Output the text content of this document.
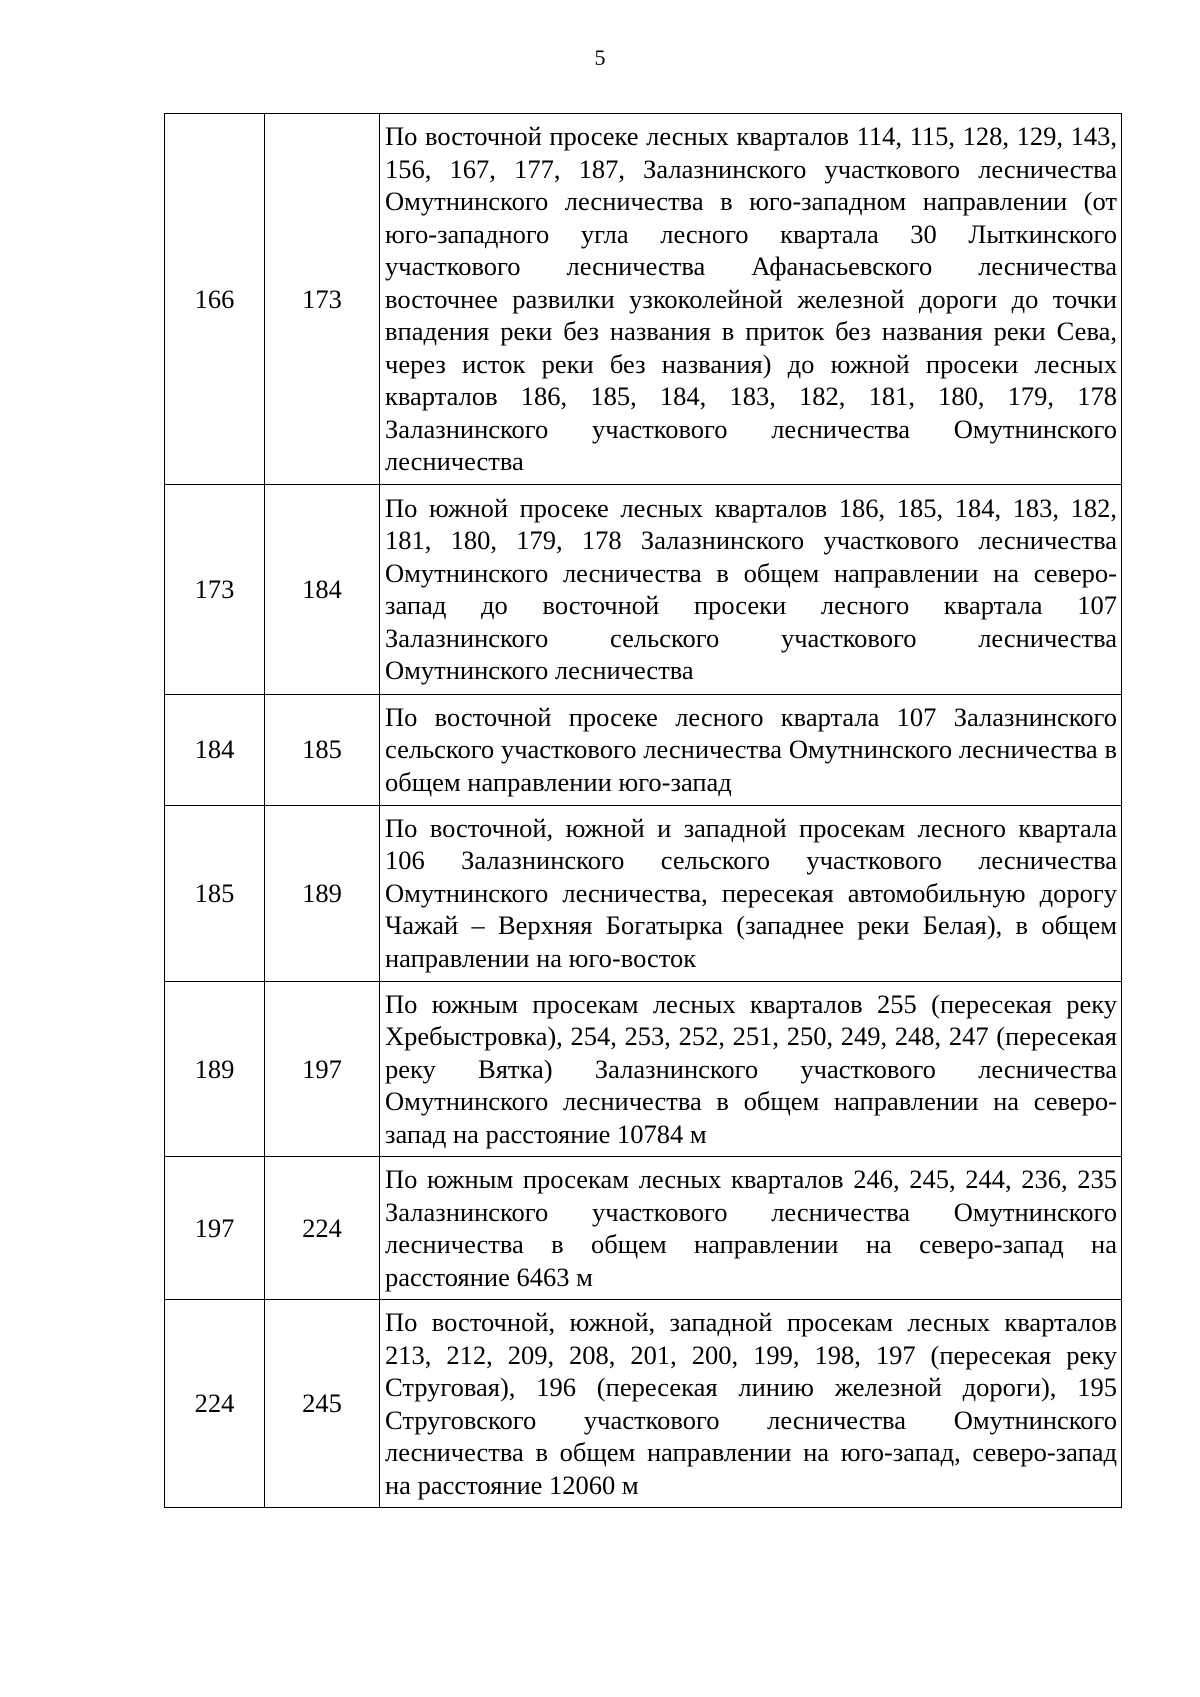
5
166	173	По восточной просеке лесных кварталов 114, 115, 128, 129, 143, 156, 167, 177, 187, Залазнинского участкового лесничества Омутнинского лесничества в юго-западном направлении (от юго-западного угла лесного квартала 30 Лыткинского участкового лесничества Афанасьевского лесничества восточнее развилки узкоколейной железной дороги до точки впадения реки без названия в приток без названия реки Сева, через исток реки без названия) до южной просеки лесных кварталов 186, 185, 184, 183, 182, 181, 180, 179, 178 Залазнинского участкового лесничества Омутнинского лесничества
173	184	По южной просеке лесных кварталов 186, 185, 184, 183, 182, 181, 180, 179, 178 Залазнинского участкового лесничества Омутнинского лесничества в общем направлении на северо-запад до восточной просеки лесного квартала 107 Залазнинского сельского участкового лесничества Омутнинского лесничества
184	185	По восточной просеке лесного квартала 107 Залазнинского сельского участкового лесничества Омутнинского лесничества в общем направлении юго-запад
185	189	По восточной, южной и западной просекам лесного квартала 106 Залазнинского сельского участкового лесничества Омутнинского лесничества, пересекая автомобильную дорогу Чажай – Верхняя Богатырка (западнее реки Белая), в общем направлении на юго-восток
189	197	По южным просекам лесных кварталов 255 (пересекая реку Хребыстровка), 254, 253, 252, 251, 250, 249, 248, 247 (пересекая реку Вятка) Залазнинского участкового лесничества Омутнинского лесничества в общем направлении на северо-запад на расстояние 10784 м
197	224	По южным просекам лесных кварталов 246, 245, 244, 236, 235 Залазнинского участкового лесничества Омутнинского лесничества в общем направлении на северо-запад на расстояние 6463 м
224	245	По восточной, южной, западной просекам лесных кварталов 213, 212, 209, 208, 201, 200, 199, 198, 197 (пересекая реку Струговая), 196 (пересекая линию железной дороги), 195 Струговского участкового лесничества Омутнинского лесничества в общем направлении на юго-запад, северо-запад на расстояние 12060 м
